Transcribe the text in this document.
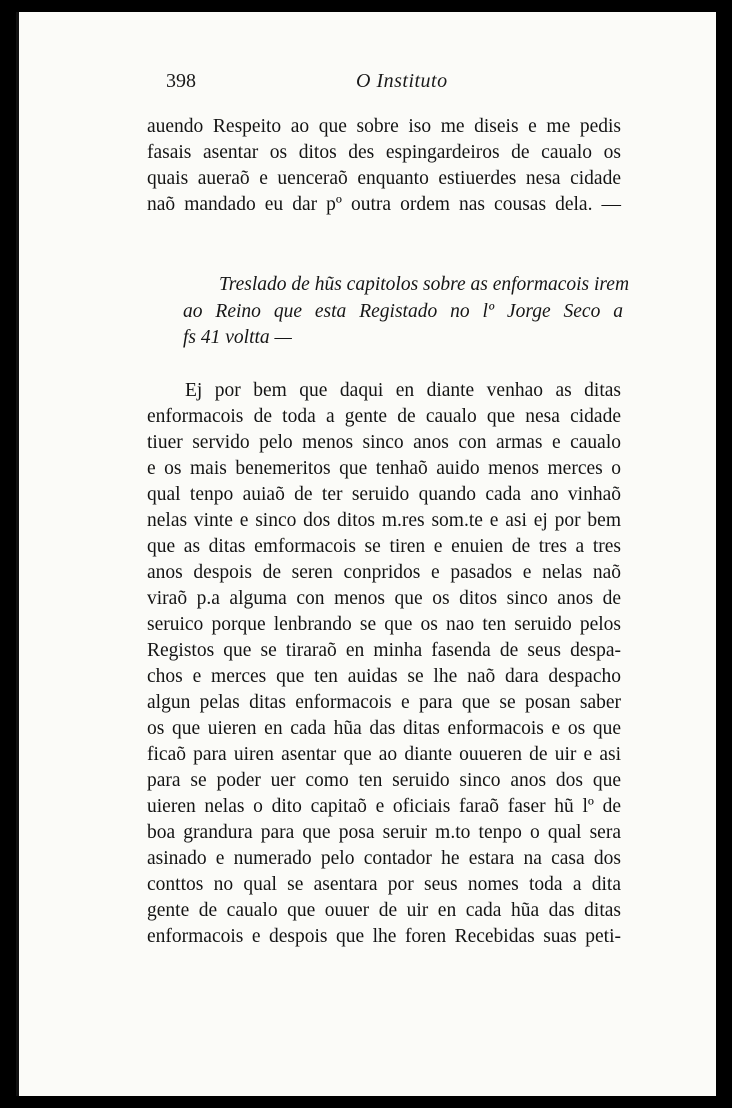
398	O Instituto
auendo Respeito ao que sobre iso me diseis e me pedis
fasais asentar os ditos des espingardeiros de caualo os
quais aueraõ e uenceraõ enquanto estiuerdes nesa cidade
naõ mandado eu dar pº outra ordem nas cousas dela. —
Treslado de hũs capitolos sobre as enformacois irem
ao Reino que esta Registado no lº Jorge Seco a
fs 41 voltta —
Ej por bem que daqui en diante venhao as ditas
enformacois de toda a gente de caualo que nesa cidade
tiuer servido pelo menos sinco anos con armas e caualo
e os mais benemeritos que tenhaõ auido menos merces o
qual tenpo auiaõ de ter seruido quando cada ano vinhaõ
nelas vinte e sinco dos ditos m.res som.te e asi ej por bem
que as ditas emformacois se tiren e enuien de tres a tres
anos despois de seren conpridos e pasados e nelas naõ
viraõ p.a alguma con menos que os ditos sinco anos de
seruico porque lenbrando se que os nao ten seruido pelos
Registos que se tiraraõ en minha fasenda de seus despa-
chos e merces que ten auidas se lhe naõ dara despacho
algun pelas ditas enformacois e para que se posan saber
os que uieren en cada hũa das ditas enformacois e os que
ficaõ para uiren asentar que ao diante ouueren de uir e asi
para se poder uer como ten seruido sinco anos dos que
uieren nelas o dito capitaõ e oficiais faraõ faser hũ lº de
boa grandura para que posa seruir m.to tenpo o qual sera
asinado e numerado pelo contador he estara na casa dos
conttos no qual se asentara por seus nomes toda a dita
gente de caualo que ouuer de uir en cada hũa das ditas
enformacois e despois que lhe foren Recebidas suas peti-
